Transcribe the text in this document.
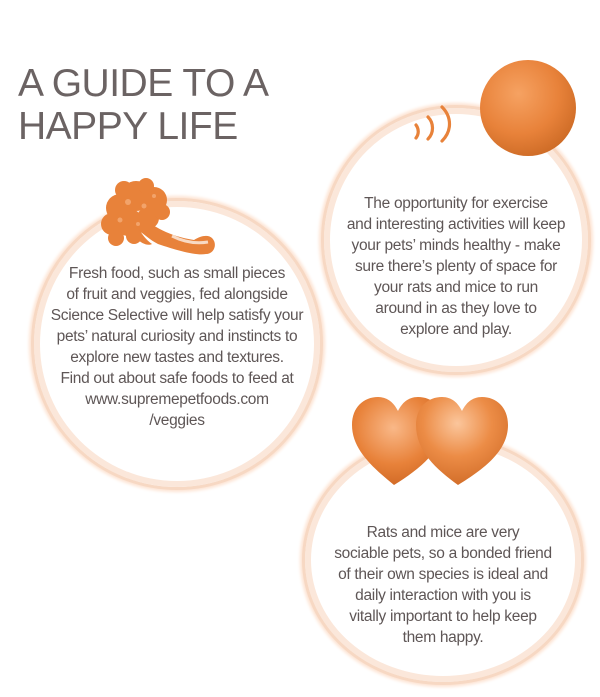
A GUIDE TO A
HAPPY LIFE
Fresh food, such as small pieces
of fruit and veggies, fed alongside
Science Selective will help satisfy your
pets’ natural curiosity and instincts to
explore new tastes and textures.
Find out about safe foods to feed at
www.supremepetfoods.com
/veggies
The opportunity for exercise
and interesting activities will keep
your pets’ minds healthy - make
sure there’s plenty of space for
your rats and mice to run
around in as they love to
explore and play.
Rats and mice are very
sociable pets, so a bonded friend
of their own species is ideal and
daily interaction with you is
vitally important to help keep
them happy.
